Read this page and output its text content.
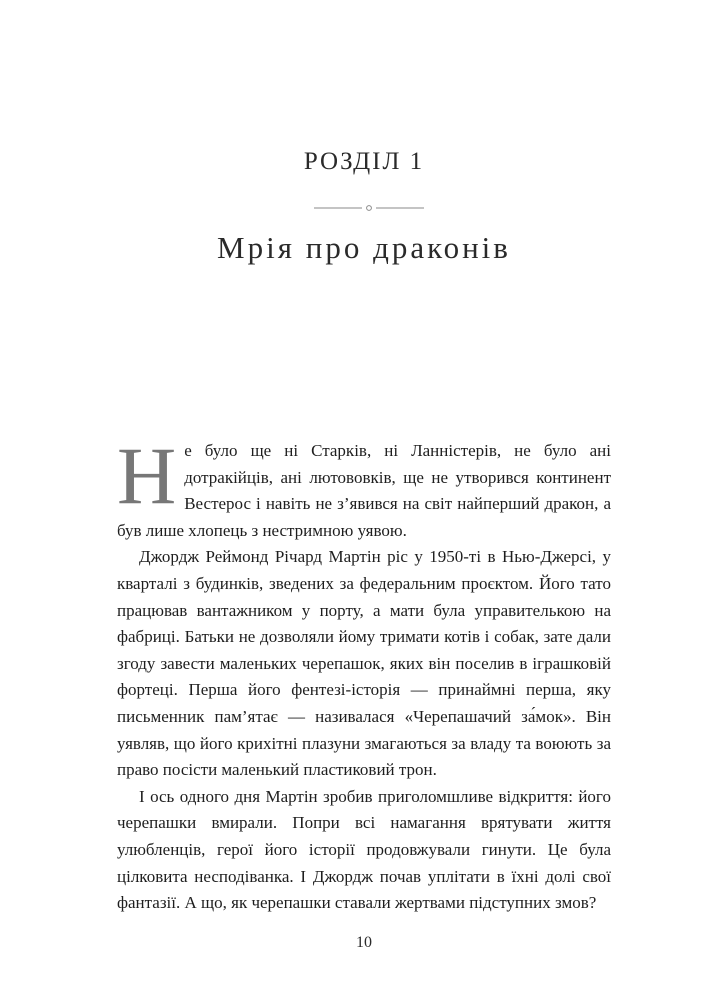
РОЗДІЛ 1
Мрія про драконів

Не було ще ні Старків, ні Ланністерів, не було ані дотракійців, ані лютововків, ще не утворився континент Вестерос і навіть не з’явився на світ найперший дракон, а був лише хлопець з нестримною уявою.

Джордж Реймонд Річард Мартін ріс у 1950-ті в Нью-Джерсі, у кварталі з будинків, зведених за федеральним проєктом. Його тато працював вантажником у порту, а мати була управителькою на фабриці. Батьки не дозволяли йому тримати котів і собак, зате дали згоду завести маленьких черепашок, яких він поселив в іграшковій фортеці. Перша його фентезі-історія — принаймні перша, яку письменник пам’ятає — називалася «Черепашачий за́мок». Він уявляв, що його крихітні плазуни змагаються за владу та воюють за право посісти маленький пластиковий трон.

І ось одного дня Мартін зробив приголомшливе відкриття: його черепашки вмирали. Попри всі намагання врятувати життя улюбленців, герої його історії продовжували гинути. Це була цілковита несподіванка. І Джордж почав уплітати в їхні долі свої фантазії. А що, як черепашки ставали жертвами підступних змов?

10
